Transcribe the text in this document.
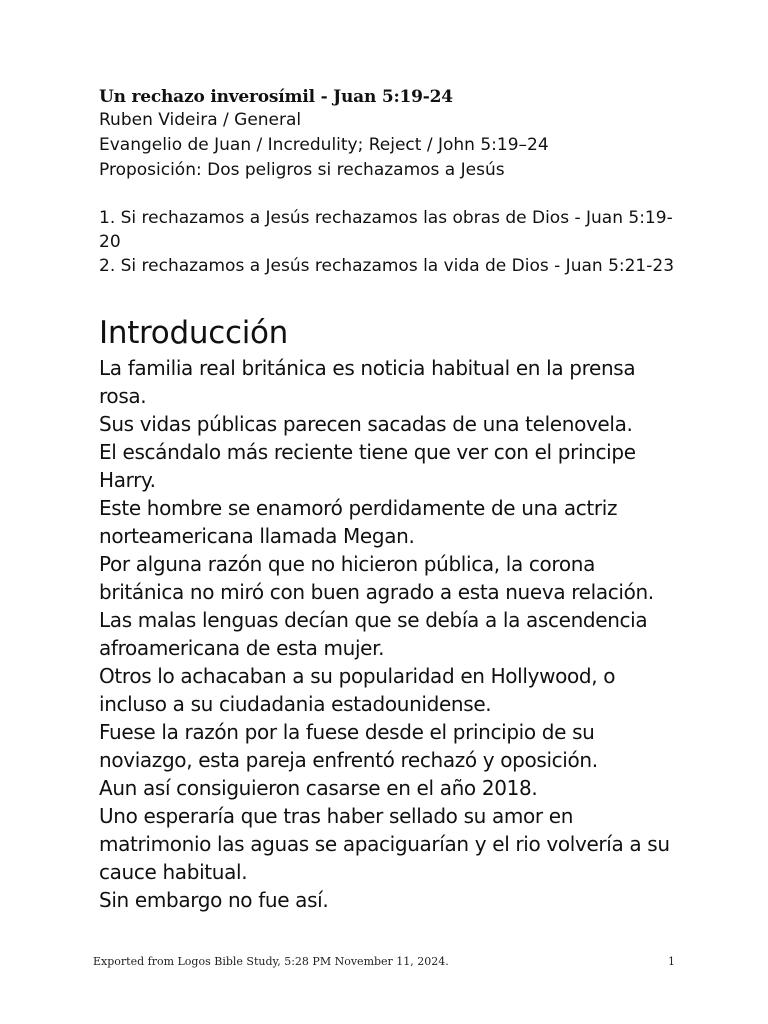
Un rechazo inverosímil - Juan 5:19-24

Ruben Videira / General

Evangelio de Juan / Incredulity; Reject / John 5:19–24

Proposición: Dos peligros si rechazamos a Jesús

1. Si rechazamos a Jesús rechazamos las obras de Dios - Juan 5:19-20
2. Si rechazamos a Jesús rechazamos la vida de Dios - Juan 5:21-23
Introducción

La familia real británica es noticia habitual en la prensa rosa.

Sus vidas públicas parecen sacadas de una telenovela.

El escándalo más reciente tiene que ver con el principe Harry.

Este hombre se enamoró perdidamente de una actriz norteamericana llamada Megan.

Por alguna razón que no hicieron pública, la corona británica no miró con buen agrado a esta nueva relación.

Las malas lenguas decían que se debía a la ascendencia afroamericana de esta mujer.

Otros lo achacaban a su popularidad en Hollywood, o incluso a su ciudadania estadounidense.

Fuese la razón por la fuese desde el principio de su noviazgo, esta pareja enfrentó rechazó y oposición.

Aun así consiguieron casarse en el año 2018.

Uno esperaría que tras haber sellado su amor en matrimonio las aguas se apaciguarían y el rio volvería a su cauce habitual.

Sin embargo no fue así.

Exported from Logos Bible Study, 5:28 PM November 11, 2024.	1
